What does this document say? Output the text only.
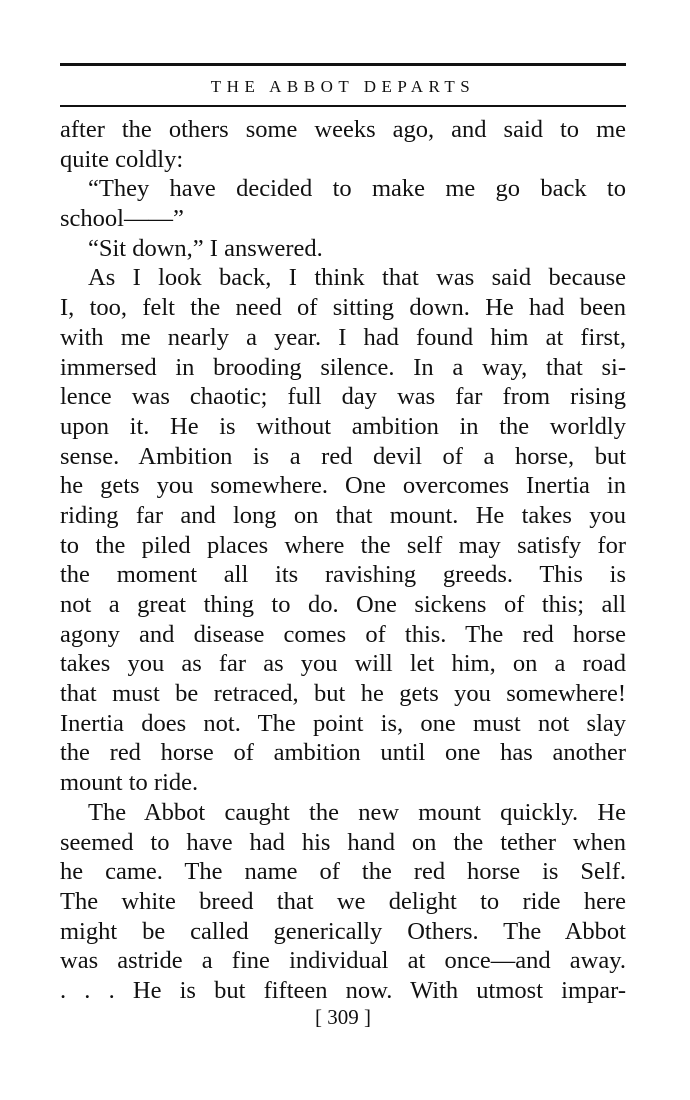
THE ABBOT DEPARTS
after the others some weeks ago, and said to me
quite coldly:
“They have decided to make me go back to
school——”
“Sit down,” I answered.
As I look back, I think that was said because
I, too, felt the need of sitting down. He had been
with me nearly a year. I had found him at first,
immersed in brooding silence. In a way, that si-
lence was chaotic; full day was far from rising
upon it. He is without ambition in the worldly
sense. Ambition is a red devil of a horse, but
he gets you somewhere. One overcomes Inertia in
riding far and long on that mount. He takes you
to the piled places where the self may satisfy for
the moment all its ravishing greeds. This is
not a great thing to do. One sickens of this; all
agony and disease comes of this. The red horse
takes you as far as you will let him, on a road
that must be retraced, but he gets you somewhere!
Inertia does not. The point is, one must not slay
the red horse of ambition until one has another
mount to ride.
The Abbot caught the new mount quickly. He
seemed to have had his hand on the tether when
he came. The name of the red horse is Self.
The white breed that we delight to ride here
might be called generically Others. The Abbot
was astride a fine individual at once—and away.
. . . He is but fifteen now. With utmost impar-
[ 309 ]
